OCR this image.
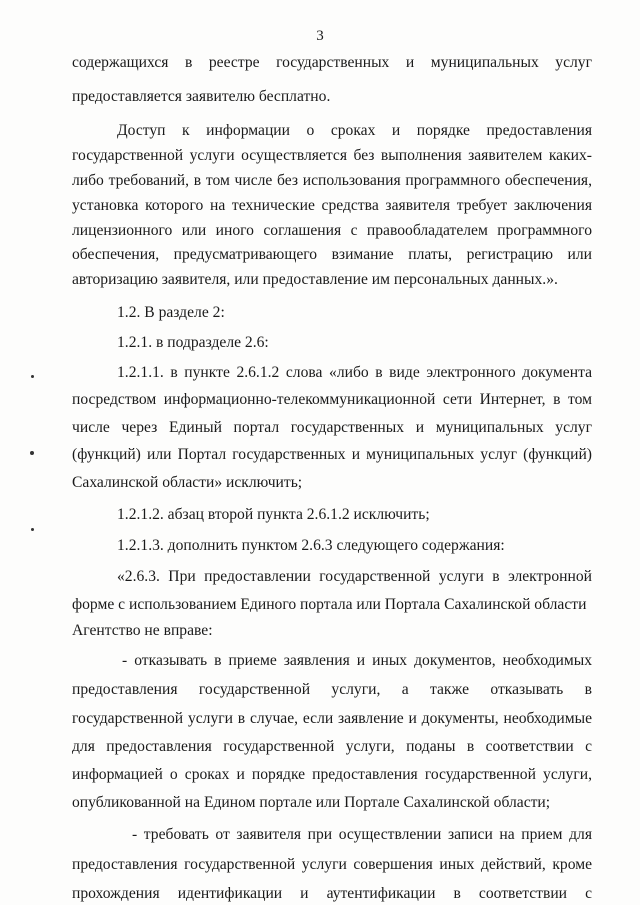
3
содержащихся в реестре государственных и муниципальных услуг
предоставляется заявителю бесплатно.
Доступ к информации о сроках и порядке предоставления
государственной услуги осуществляется без выполнения заявителем каких-
либо требований, в том числе без использования программного обеспечения,
установка которого на технические средства заявителя требует заключения
лицензионного или иного соглашения с правообладателем программного
обеспечения, предусматривающего взимание платы, регистрацию или
авторизацию заявителя, или предоставление им персональных данных.».
1.2. В разделе 2:
1.2.1. в подразделе 2.6:
1.2.1.1. в пункте 2.6.1.2 слова «либо в виде электронного документа
посредством информационно-телекоммуникационной сети Интернет, в том
числе через Единый портал государственных и муниципальных услуг
(функций) или Портал государственных и муниципальных услуг (функций)
Сахалинской области» исключить;
1.2.1.2. абзац второй пункта 2.6.1.2 исключить;
1.2.1.3. дополнить пунктом 2.6.3 следующего содержания:
«2.6.3. При предоставлении государственной услуги в электронной
форме с использованием Единого портала или Портала Сахалинской области
Агентство не вправе:
- отказывать в приеме заявления и иных документов, необходимых
предоставления государственной услуги, а также отказывать в
государственной услуги в случае, если заявление и документы, необходимые
для предоставления государственной услуги, поданы в соответствии с
информацией о сроках и порядке предоставления государственной услуги,
опубликованной на Едином портале или Портале Сахалинской области;
- требовать от заявителя при осуществлении записи на прием для
предоставления государственной услуги совершения иных действий, кроме
прохождения идентификации и аутентификации в соответствии с
